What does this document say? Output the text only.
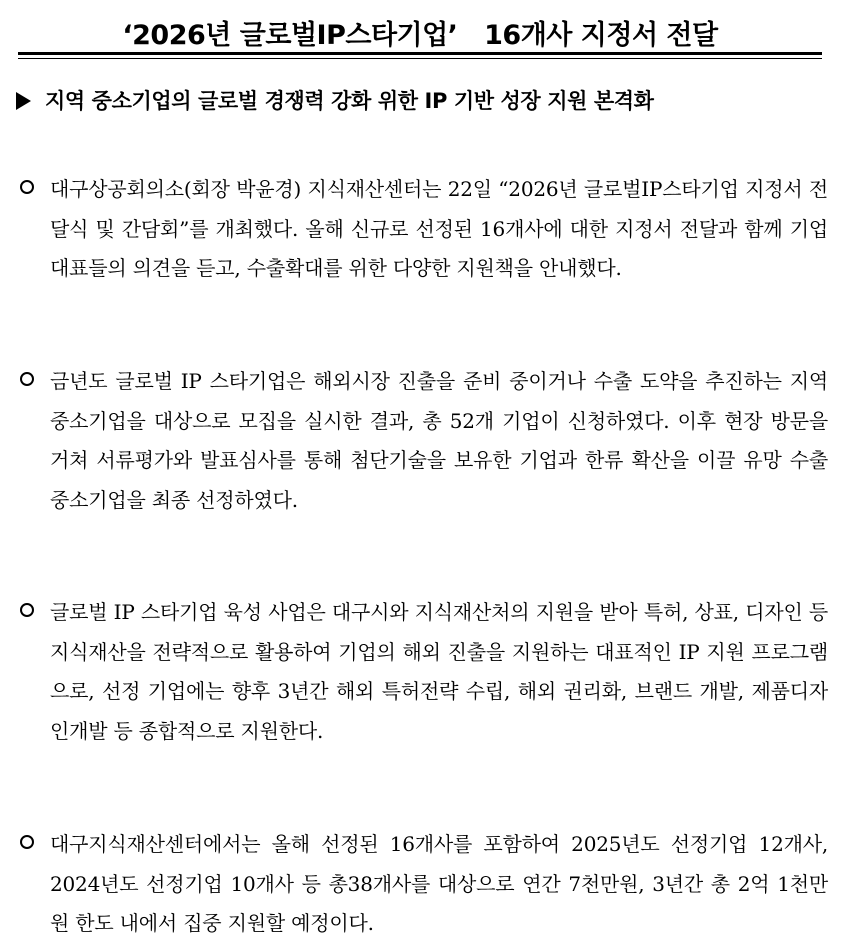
‘2026년 글로벌IP스타기업’   16개사 지정서 전달
지역 중소기업의 글로벌 경쟁력 강화 위한 IP 기반 성장 지원 본격화
대구상공회의소(회장 박윤경) 지식재산센터는 22일 “2026년 글로벌IP스타기업 지정서 전달식 및 간담회”를 개최했다. 올해 신규로 선정된 16개사에 대한 지정서 전달과 함께 기업 대표들의 의견을 듣고, 수출확대를 위한 다양한 지원책을 안내했다.
금년도 글로벌 IP 스타기업은 해외시장 진출을 준비 중이거나 수출 도약을 추진하는 지역 중소기업을 대상으로 모집을 실시한 결과, 총 52개 기업이 신청하였다. 이후 현장 방문을 거쳐 서류평가와 발표심사를 통해 첨단기술을 보유한 기업과 한류 확산을 이끌 유망 수출 중소기업을 최종 선정하였다.
글로벌 IP 스타기업 육성 사업은 대구시와 지식재산처의 지원을 받아 특허, 상표, 디자인 등 지식재산을 전략적으로 활용하여 기업의 해외 진출을 지원하는 대표적인 IP 지원 프로그램으로, 선정 기업에는 향후 3년간 해외 특허전략 수립, 해외 권리화, 브랜드 개발, 제품디자인개발 등 종합적으로 지원한다.
대구지식재산센터에서는 올해 선정된 16개사를 포함하여 2025년도 선정기업 12개사, 2024년도 선정기업 10개사 등 총38개사를 대상으로 연간 7천만원, 3년간 총 2억 1천만원 한도 내에서 집중 지원할 예정이다.
